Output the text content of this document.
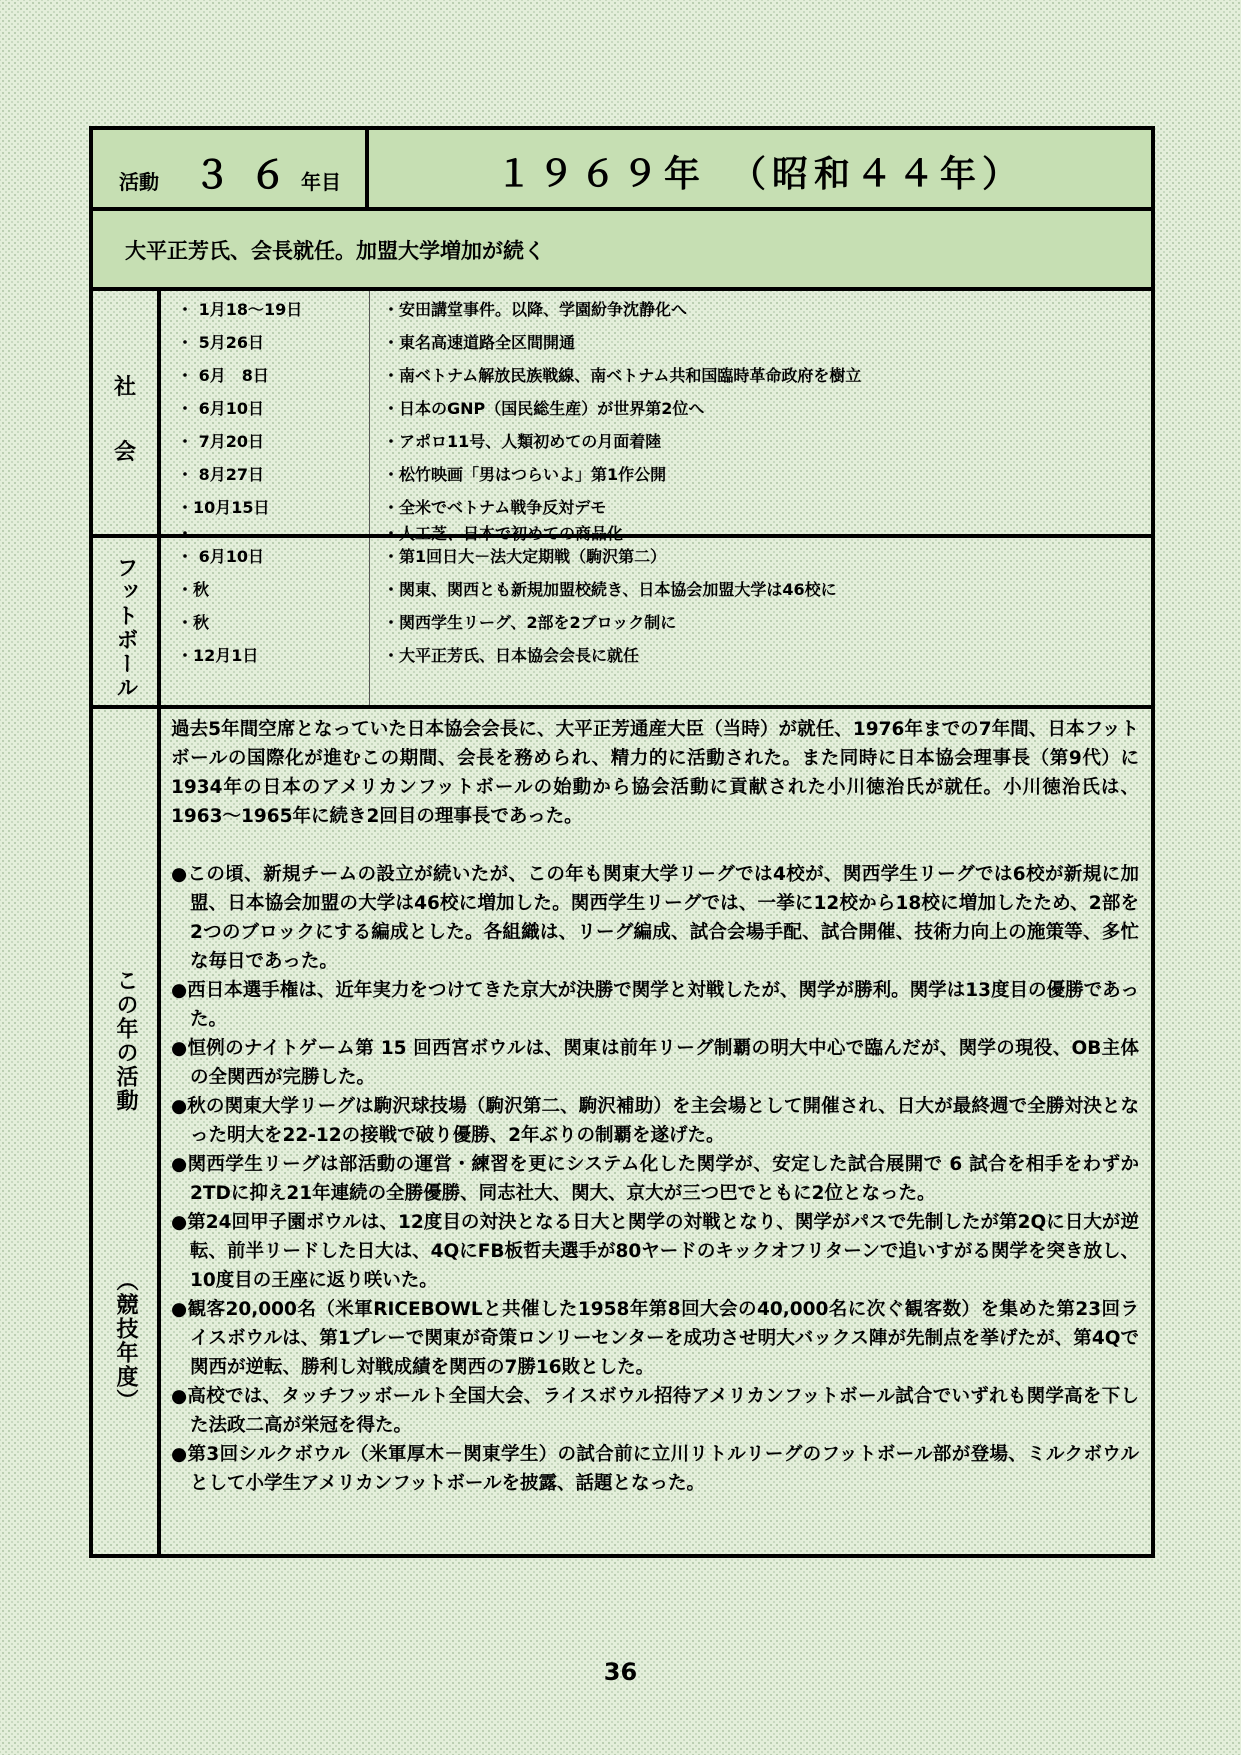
活動 ３６
年目	１９６９年　（昭和４４年）
大平正芳氏、会長就任。加盟大学増加が続く
社
会
・ 1月18～19日	・安田講堂事件。以降、学園紛争沈静化へ
・ 5月26日	・東名高速道路全区間開通
・ 6月　8日	・南ベトナム解放民族戦線、南ベトナム共和国臨時革命政府を樹立
・ 6月10日	・日本のGNP（国民総生産）が世界第2位へ
・ 7月20日	・アポロ11号、人類初めての月面着陸
・ 8月27日	・松竹映画「男はつらいよ」第1作公開
・10月15日	・全米でベトナム戦争反対デモ
・	・人工芝、日本で初めての商品化
フットボール ・ 6月10日	・第1回日大－法大定期戦（駒沢第二）
・秋	・関東、関西とも新規加盟校続き、日本協会加盟大学は46校に
・秋	・関西学生リーグ、2部を2ブロック制に
・12月1日	・大平正芳氏、日本協会会長に就任
この年の活動
（競技年度）

過去5年間空席となっていた日本協会会長に、大平正芳通産大臣（当時）が就任、1976年までの7年間、日本フットボールの国際化が進むこの期間、会長を務められ、精力的に活動された。また同時に日本協会理事長（第9代）に1934年の日本のアメリカンフットボールの始動から協会活動に貢献された小川徳治氏が就任。小川徳治氏は、1963～1965年に続き2回目の理事長であった。

●この頃、新規チームの設立が続いたが、この年も関東大学リーグでは4校が、関西学生リーグでは6校が新規に加盟、日本協会加盟の大学は46校に増加した。関西学生リーグでは、一挙に12校から18校に増加したため、2部を2つのブロックにする編成とした。各組織は、リーグ編成、試合会場手配、試合開催、技術力向上の施策等、多忙な毎日であった。

●西日本選手権は、近年実力をつけてきた京大が決勝で関学と対戦したが、関学が勝利。関学は13度目の優勝であった。

●恒例のナイトゲーム第 15 回西宮ボウルは、関東は前年リーグ制覇の明大中心で臨んだが、関学の現役、OB主体の全関西が完勝した。

●秋の関東大学リーグは駒沢球技場（駒沢第二、駒沢補助）を主会場として開催され、日大が最終週で全勝対決となった明大を22-12の接戦で破り優勝、2年ぶりの制覇を遂げた。

●関西学生リーグは部活動の運営・練習を更にシステム化した関学が、安定した試合展開で 6 試合を相手をわずか2TDに抑え21年連続の全勝優勝、同志社大、関大、京大が三つ巴でともに2位となった。

●第24回甲子園ボウルは、12度目の対決となる日大と関学の対戦となり、関学がパスで先制したが第2Qに日大が逆転、前半リードした日大は、4QにFB板哲夫選手が80ヤードのキックオフリターンで追いすがる関学を突き放し、10度目の王座に返り咲いた。

●観客20,000名（米軍RICEBOWLと共催した1958年第8回大会の40,000名に次ぐ観客数）を集めた第23回ライスボウルは、第1プレーで関東が奇策ロンリーセンターを成功させ明大バックス陣が先制点を挙げたが、第4Qで関西が逆転、勝利し対戦成績を関西の7勝16敗とした。

●高校では、タッチフッボールト全国大会、ライスボウル招待アメリカンフットボール試合でいずれも関学高を下した法政二高が栄冠を得た。

●第3回シルクボウル（米軍厚木－関東学生）の試合前に立川リトルリーグのフットボール部が登場、ミルクボウルとして小学生アメリカンフットボールを披露、話題となった。

36
